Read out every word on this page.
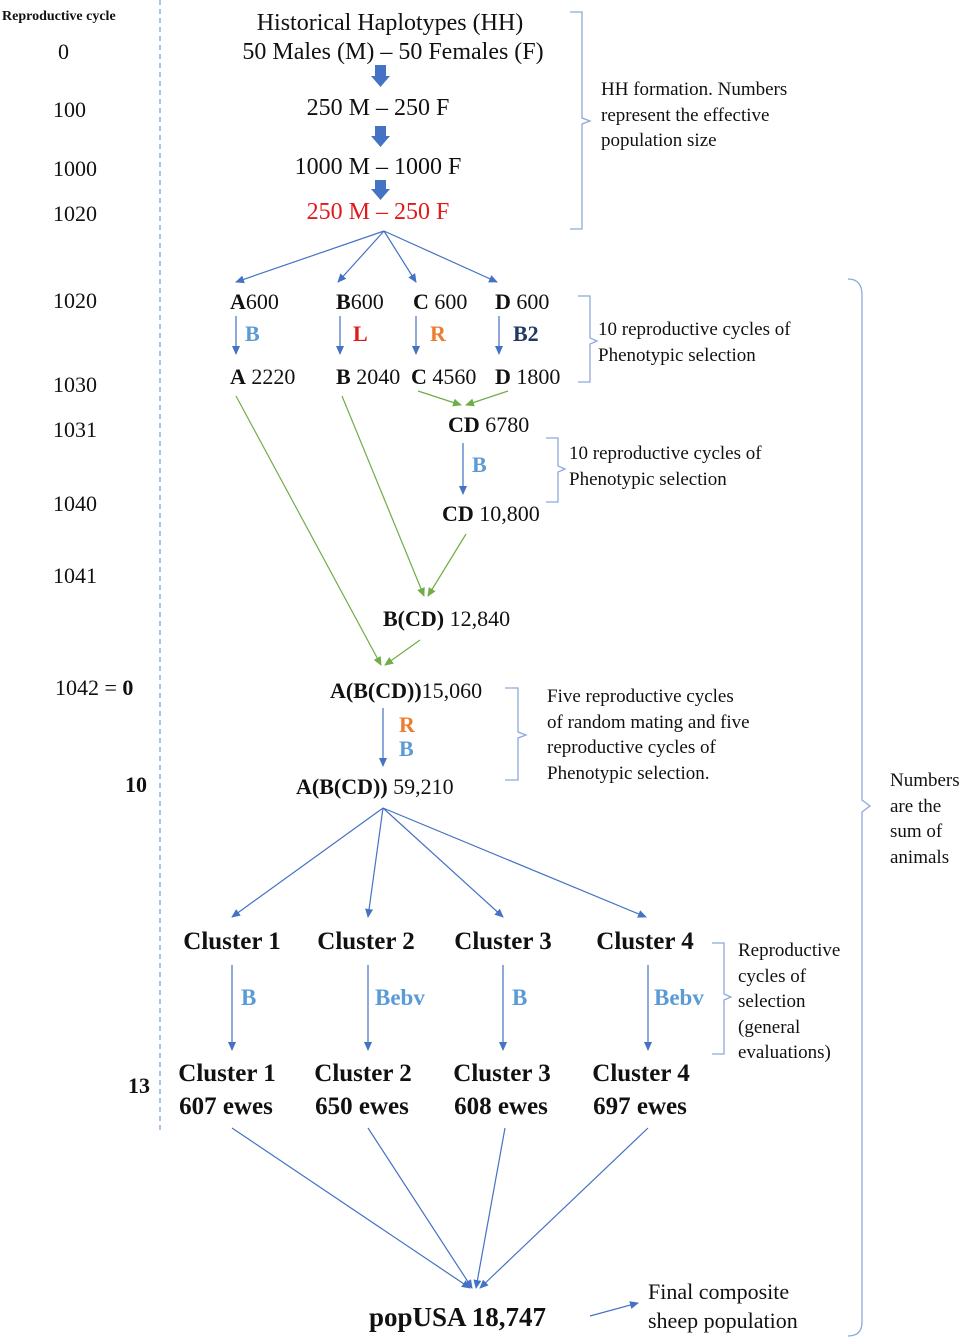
Reproductive cycle
0
100
1000
1020
1020
1030
1031
1040
1041
1042 = 0
10
13
Historical Haplotypes (HH)
50 Males (M) – 50 Females (F)
250 M – 250 F
1000 M – 1000 F
250 M – 250 F
HH formation. Numbers represent the effective population size
A600	B600 C 600 D 600
B	L	R	B2	10 reproductive cycles of Phenotypic selection
A 2220 B 2040 C 4560 D 1800
CD 6780
B	10 reproductive cycles of Phenotypic selection
CD 10,800
B(CD) 12,840
A(B(CD))15,060
R
B
Five reproductive cycles of random mating and five reproductive cycles of Phenotypic selection.
A(B(CD)) 59,210
Cluster 1 Cluster 2 Cluster 3 Cluster 4
B	Bebv	B	Bebv
Reproductive cycles of selection (general evaluations)
Cluster 1 Cluster 2 Cluster 3 Cluster 4
607 ewes 650 ewes 608 ewes 697 ewes
Numbers are the sum of animals
popUSA 18,747
Final composite sheep population
